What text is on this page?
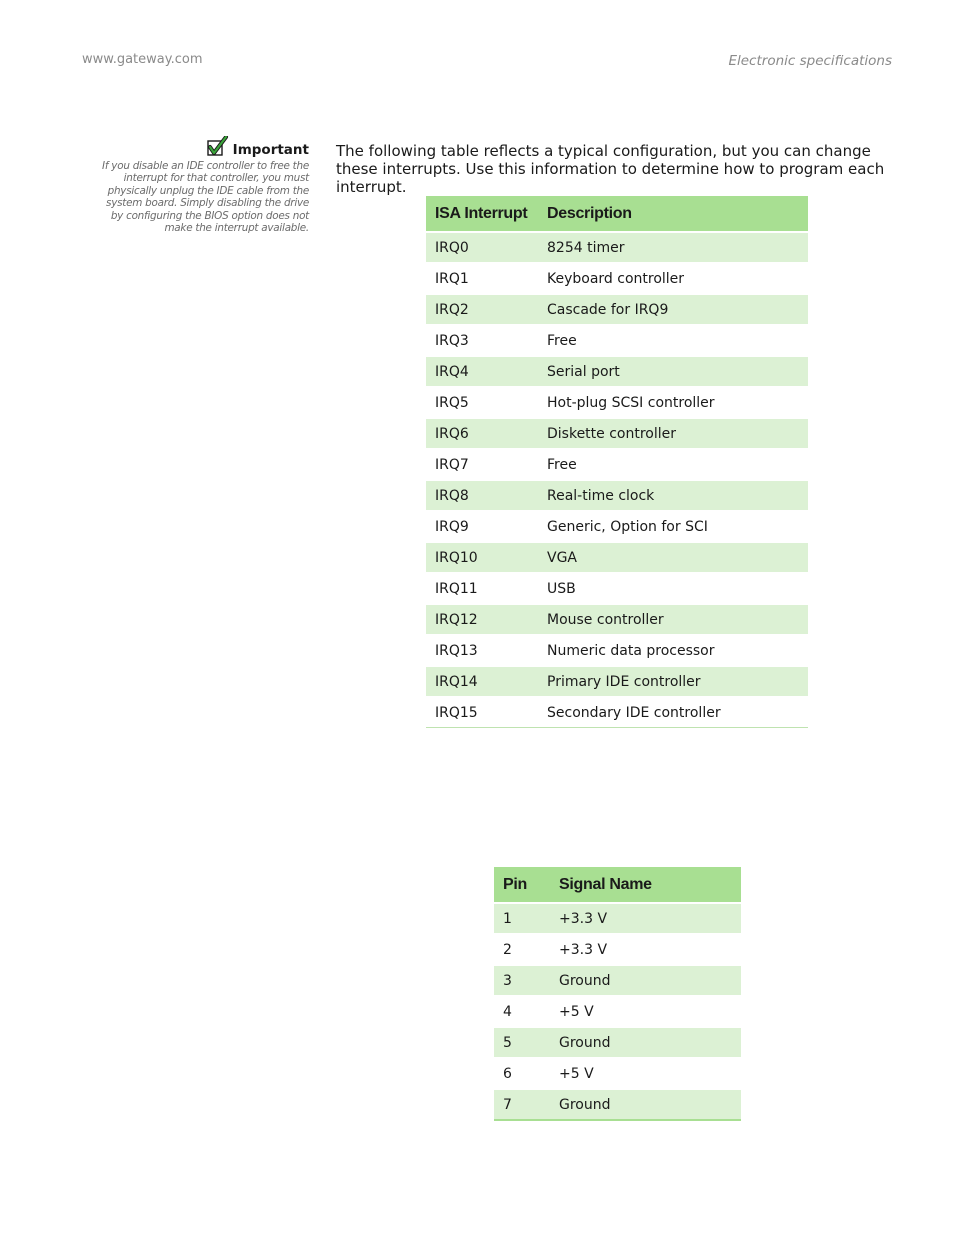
www.gateway.com	Electronic specifications
Important
If you disable an IDE controller to free the
interrupt for that controller, you must
physically unplug the IDE cable from the
system board. Simply disabling the drive
by configuring the BIOS option does not
make the interrupt available.

The following table reflects a typical configuration, but you can change these interrupts. Use this information to determine how to program each interrupt.

ISA Interrupt	Description
IRQ0	8254 timer
IRQ1	Keyboard controller
IRQ2	Cascade for IRQ9
IRQ3	Free
IRQ4	Serial port
IRQ5	Hot-plug SCSI controller
IRQ6	Diskette controller
IRQ7	Free
IRQ8	Real-time clock
IRQ9	Generic, Option for SCI
IRQ10	VGA
IRQ11	USB
IRQ12	Mouse controller
IRQ13	Numeric data processor
IRQ14	Primary IDE controller
IRQ15	Secondary IDE controller
Pin	Signal Name
1	+3.3 V
2	+3.3 V
3	Ground
4	+5 V
5	Ground
6	+5 V
7	Ground
